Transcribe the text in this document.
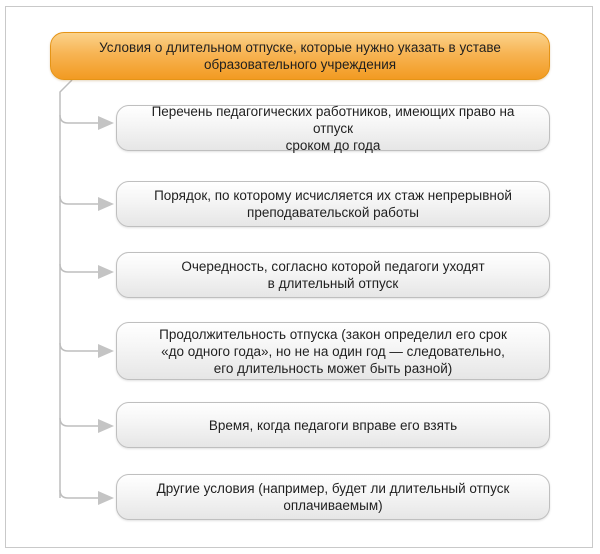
Условия о длительном отпуске, которые нужно указать в уставе
образовательного учреждения
Перечень педагогических работников, имеющих право на отпуск
сроком до года
Порядок, по которому исчисляется их стаж непрерывной
преподавательской работы
Очередность, согласно которой педагоги уходят
в длительный отпуск
Продолжительность отпуска (закон определил его срок
«до одного года», но не на один год — следовательно,
его длительность может быть разной)
Время, когда педагоги вправе его взять
Другие условия (например, будет ли длительный отпуск
оплачиваемым)
